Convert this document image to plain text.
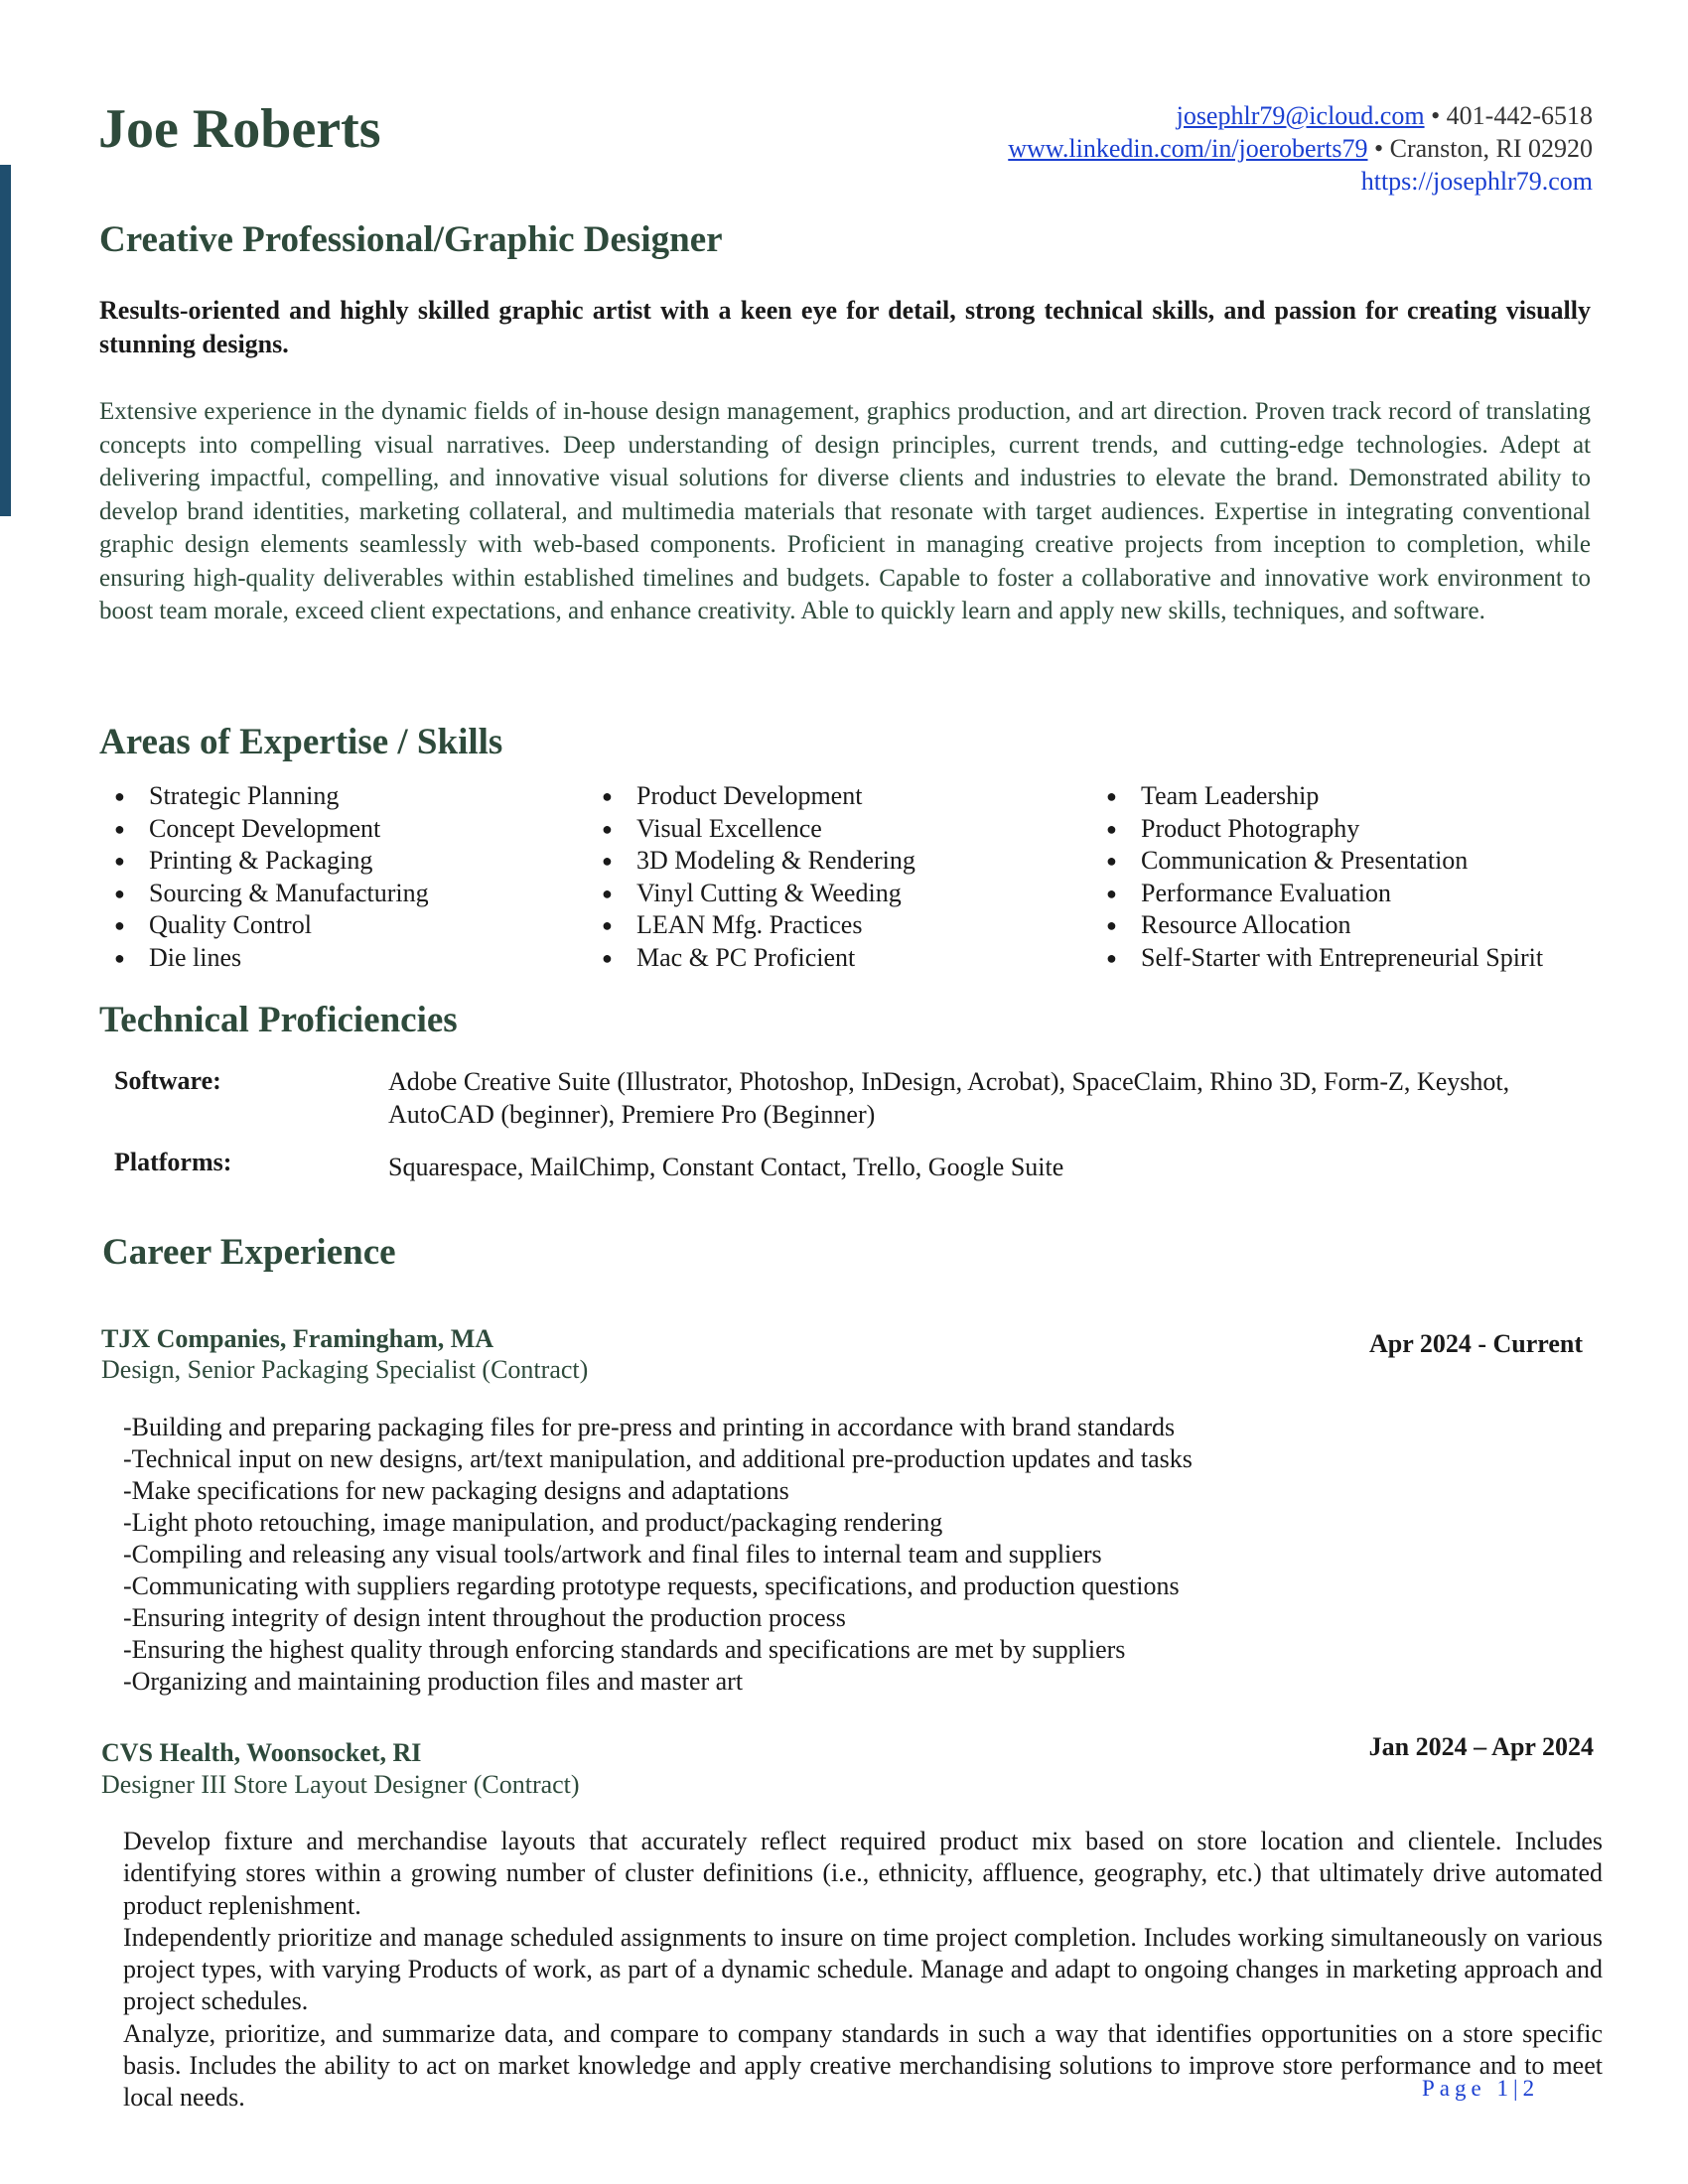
Joe Roberts	josephlr79@icloud.com • 401-442-6518
www.linkedin.com/in/joeroberts79 • Cranston, RI 02920
https://josephlr79.com
Creative Professional/Graphic Designer

Results-oriented and highly skilled graphic artist with a keen eye for detail, strong technical skills, and passion for creating visually stunning designs.

Extensive experience in the dynamic fields of in-house design management, graphics production, and art direction. Proven track record of translating concepts into compelling visual narratives. Deep understanding of design principles, current trends, and cutting-edge technologies. Adept at delivering impactful, compelling, and innovative visual solutions for diverse clients and industries to elevate the brand. Demonstrated ability to develop brand identities, marketing collateral, and multimedia materials that resonate with target audiences. Expertise in integrating conventional graphic design elements seamlessly with web-based components. Proficient in managing creative projects from inception to completion, while ensuring high-quality deliverables within established timelines and budgets. Capable to foster a collaborative and innovative work environment to boost team morale, exceed client expectations, and enhance creativity. Able to quickly learn and apply new skills, techniques, and software.

Areas of Expertise / Skills
● Strategic Planning
● Concept Development
● Printing & Packaging
● Sourcing & Manufacturing
● Quality Control
● Die lines
● Product Development
● Visual Excellence
● 3D Modeling & Rendering
● Vinyl Cutting & Weeding
● LEAN Mfg. Practices
● Mac & PC Proficient
● Team Leadership
● Product Photography
● Communication & Presentation
● Performance Evaluation
● Resource Allocation
● Self-Starter with Entrepreneurial Spirit
Technical Proficiencies
Software:	Adobe Creative Suite (Illustrator, Photoshop, InDesign, Acrobat), SpaceClaim, Rhino 3D, Form-Z, Keyshot, AutoCAD (beginner), Premiere Pro (Beginner)
Platforms:	Squarespace, MailChimp, Constant Contact, Trello, Google Suite
Career Experience
TJX Companies, Framingham, MA
Design, Senior Packaging Specialist (Contract)
Apr 2024 - Current
-Building and preparing packaging files for pre-press and printing in accordance with brand standards
-Technical input on new designs, art/text manipulation, and additional pre-production updates and tasks
-Make specifications for new packaging designs and adaptations
-Light photo retouching, image manipulation, and product/packaging rendering
-Compiling and releasing any visual tools/artwork and final files to internal team and suppliers
-Communicating with suppliers regarding prototype requests, specifications, and production questions
-Ensuring integrity of design intent throughout the production process
-Ensuring the highest quality through enforcing standards and specifications are met by suppliers
-Organizing and maintaining production files and master art
CVS Health, Woonsocket, RI
Designer III Store Layout Designer (Contract)
Jan 2024 – Apr 2024

Develop fixture and merchandise layouts that accurately reflect required product mix based on store location and clientele. Includes identifying stores within a growing number of cluster definitions (i.e., ethnicity, affluence, geography, etc.) that ultimately drive automated product replenishment.

Independently prioritize and manage scheduled assignments to insure on time project completion. Includes working simultaneously on various project types, with varying Products of work, as part of a dynamic schedule. Manage and adapt to ongoing changes in marketing approach and project schedules.

Analyze, prioritize, and summarize data, and compare to company standards in such a way that identifies opportunities on a store specific basis. Includes the ability to act on market knowledge and apply creative merchandising solutions to improve store performance and to meet local needs.	Page 1|2
